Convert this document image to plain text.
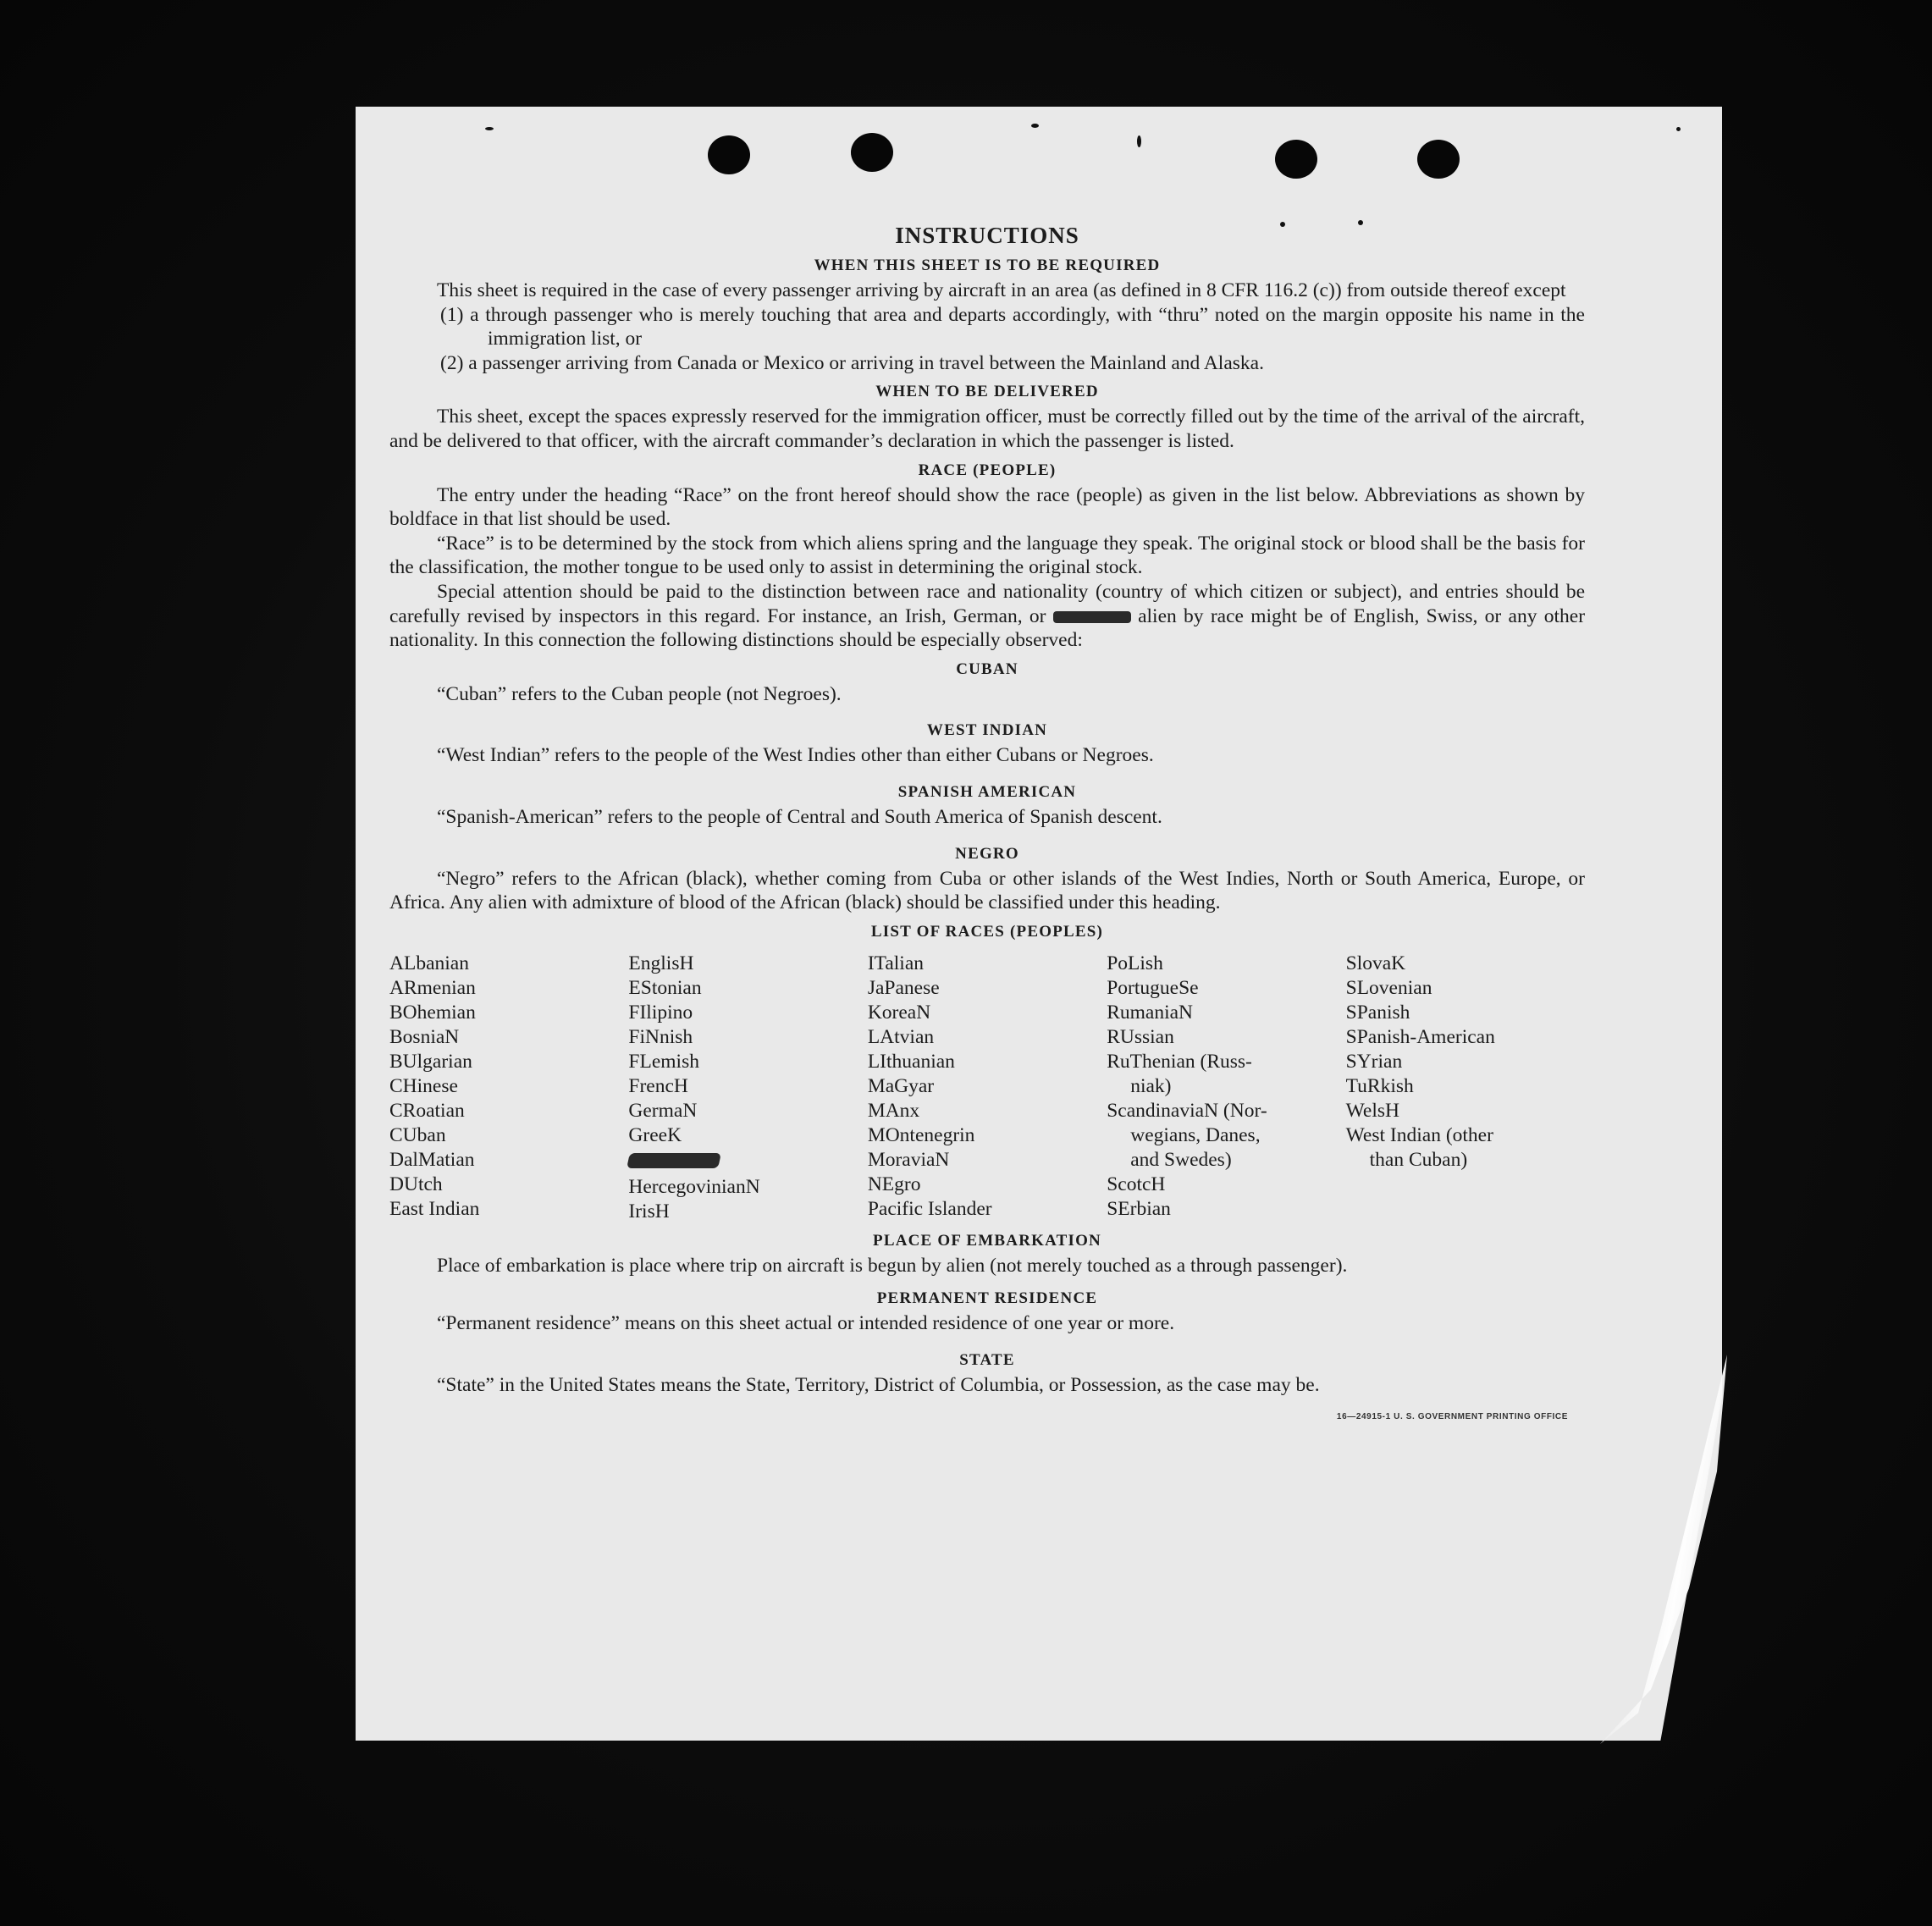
INSTRUCTIONS
WHEN THIS SHEET IS TO BE REQUIRED

This sheet is required in the case of every passenger arriving by aircraft in an area (as defined in 8 CFR 116.2 (c)) from outside thereof except

(1) a through passenger who is merely touching that area and departs accordingly, with “thru” noted on the margin opposite his name in the immigration list, or

(2) a passenger arriving from Canada or Mexico or arriving in travel between the Mainland and Alaska.

WHEN TO BE DELIVERED

This sheet, except the spaces expressly reserved for the immigration officer, must be correctly filled out by the time of the arrival of the aircraft, and be delivered to that officer, with the aircraft commander’s declaration in which the passenger is listed.

RACE (PEOPLE)

The entry under the heading “Race” on the front hereof should show the race (people) as given in the list below. Abbreviations as shown by boldface in that list should be used.

“Race” is to be determined by the stock from which aliens spring and the language they speak. The original stock or blood shall be the basis for the classification, the mother tongue to be used only to assist in determining the original stock.

Special attention should be paid to the distinction between race and nationality (country of which citizen or subject), and entries should be carefully revised by inspectors in this regard. For instance, an Irish, German, or	alien by race might be of English, Swiss, or any other nationality. In this connection the following distinctions should be especially observed:

CUBAN

“Cuban” refers to the Cuban people (not Negroes).

WEST INDIAN

“West Indian” refers to the people of the West Indies other than either Cubans or Negroes.

SPANISH AMERICAN

“Spanish-American” refers to the people of Central and South America of Spanish descent.

NEGRO

“Negro” refers to the African (black), whether coming from Cuba or other islands of the West Indies, North or South America, Europe, or Africa. Any alien with admixture of blood of the African (black) should be classified under this heading.

LIST OF RACES (PEOPLES)
ALbanian
ARmenian
BOhemian
BosniaN
BUlgarian
CHinese
CRoatian
CUban
DalMatian
DUtch
East Indian
EnglisH
EStonian
FIlipino
FiNnish
FLemish
FrencH
GermaN
GreeK
HercegovinianN
IrisH
ITalian
JaPanese
KoreaN
LAtvian
LIthuanian
MaGyar
MAnx
MOntenegrin
MoraviaN
NEgro
Pacific Islander
PoLish
PortugueSe
RumaniaN
RUssian
RuThenian (Russ-
niak)
ScandinaviaN (Nor-
wegians, Danes,
and Swedes)
ScotcH
SErbian
SlovaK
SLovenian
SPanish
SPanish-American
SYrian
TuRkish
WelsH
West Indian (other
than Cuban)
PLACE OF EMBARKATION

Place of embarkation is place where trip on aircraft is begun by alien (not merely touched as a through passenger).

PERMANENT RESIDENCE

“Permanent residence” means on this sheet actual or intended residence of one year or more.

STATE

“State” in the United States means the State, Territory, District of Columbia, or Possession, as the case may be.

16—24915-1 U. S. GOVERNMENT PRINTING OFFICE
